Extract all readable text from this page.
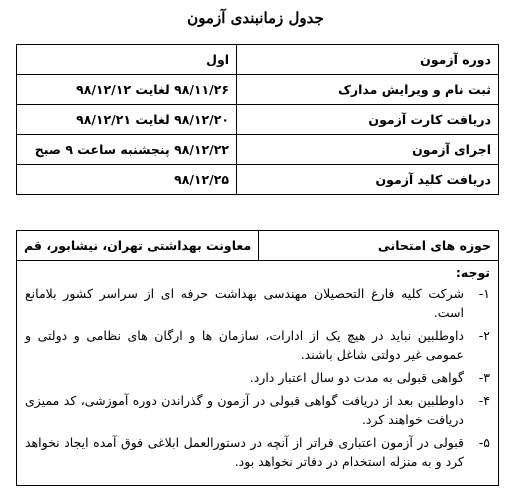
جدول زمانبندی آزمون
دوره آزمون	اول
ثبت نام و ویرایش مدارک	۹۸/۱۱/۲۶ لغایت ۹۸/۱۲/۱۲
دریافت کارت آزمون	۹۸/۱۲/۲۰ لغایت ۹۸/۱۲/۲۱
اجرای آزمون	۹۸/۱۲/۲۲ پنجشنبه ساعت ۹ صبح
دریافت کلید آزمون	۹۸/۱۲/۲۵
حوزه های امتحانی	معاونت بهداشتی تهران، نیشابور، قم

توجه:
۱-
شرکت کلیه فارغ التحصیلان مهندسی بهداشت حرفه ای از سراسر کشور بلامانع است.
۲-
داوطلبین نباید در هیچ یک از ادارات، سازمان ها و ارگان های نظامی و دولتی و عمومی غیر دولتی شاغل باشند.
۳-
گواهی قبولی به مدت دو سال اعتبار دارد.
۴-
داوطلبین بعد از دریافت گواهی قبولی در آزمون و گذراندن دوره آموزشی، کد ممیزی دریافت خواهند کرد.
۵-
قبولی در آزمون اعتباری فراتر از آنچه در دستورالعمل ابلاغی فوق آمده ایجاد نخواهد کرد و به منزله استخدام در دفاتر نخواهد بود.
